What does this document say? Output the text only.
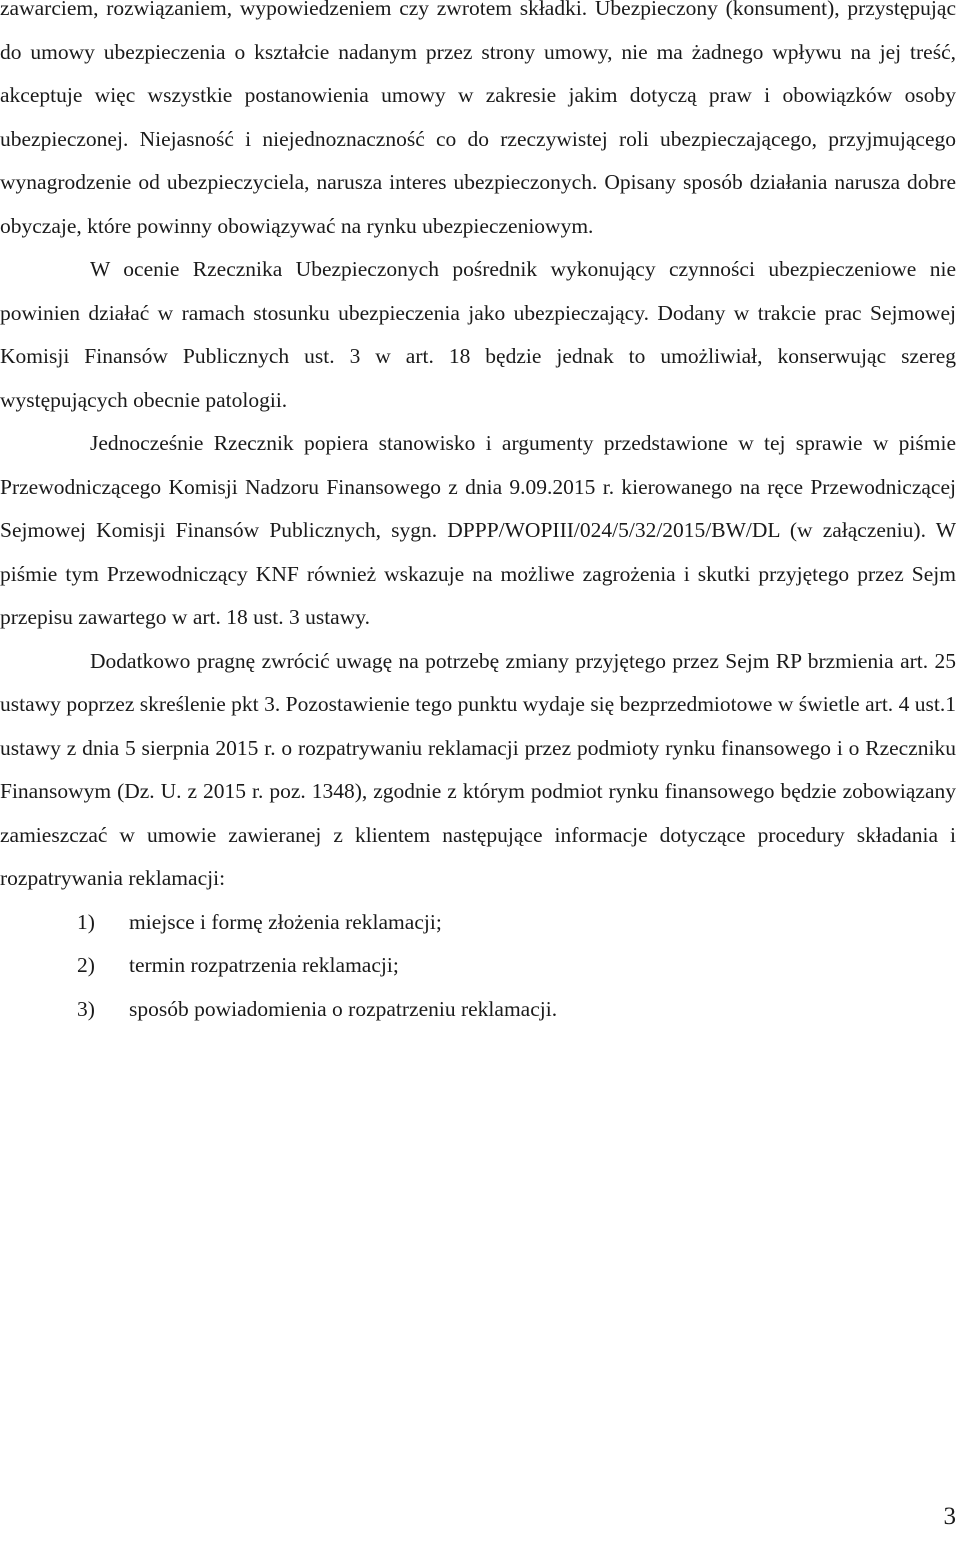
zawarciem, rozwiązaniem, wypowiedzeniem czy zwrotem składki. Ubezpieczony (konsument), przystępując do umowy ubezpieczenia o kształcie nadanym przez strony umowy, nie ma żadnego wpływu na jej treść, akceptuje więc wszystkie postanowienia umowy w zakresie jakim dotyczą praw i obowiązków osoby ubezpieczonej. Niejasność i niejednoznaczność co do rzeczywistej roli ubezpieczającego, przyjmującego wynagrodzenie od ubezpieczyciela, narusza interes ubezpieczonych. Opisany sposób działania narusza dobre obyczaje, które powinny obowiązywać na rynku ubezpieczeniowym.

W ocenie Rzecznika Ubezpieczonych pośrednik wykonujący czynności ubezpieczeniowe nie powinien działać w ramach stosunku ubezpieczenia jako ubezpieczający. Dodany w trakcie prac Sejmowej Komisji Finansów Publicznych ust. 3 w art. 18 będzie jednak to umożliwiał, konserwując szereg występujących obecnie patologii.

Jednocześnie Rzecznik popiera stanowisko i argumenty przedstawione w tej sprawie w piśmie Przewodniczącego Komisji Nadzoru Finansowego z dnia 9.09.2015 r. kierowanego na ręce Przewodniczącej Sejmowej Komisji Finansów Publicznych, sygn. DPPP/WOPIII/024/5/32/2015/BW/DL (w załączeniu). W piśmie tym Przewodniczący KNF również wskazuje na możliwe zagrożenia i skutki przyjętego przez Sejm przepisu zawartego w art. 18 ust. 3 ustawy.

Dodatkowo pragnę zwrócić uwagę na potrzebę zmiany przyjętego przez Sejm RP brzmienia art. 25 ustawy poprzez skreślenie pkt 3. Pozostawienie tego punktu wydaje się bezprzedmiotowe w świetle art. 4 ust.1 ustawy z dnia 5 sierpnia 2015 r. o rozpatrywaniu reklamacji przez podmioty rynku finansowego i o Rzeczniku Finansowym (Dz. U. z 2015 r. poz. 1348), zgodnie z którym podmiot rynku finansowego będzie zobowiązany zamieszczać w umowie zawieranej z klientem następujące informacje dotyczące procedury składania i rozpatrywania reklamacji:

1) miejsce i formę złożenia reklamacji;
2) termin rozpatrzenia reklamacji;
3) sposób powiadomienia o rozpatrzeniu reklamacji.
3
